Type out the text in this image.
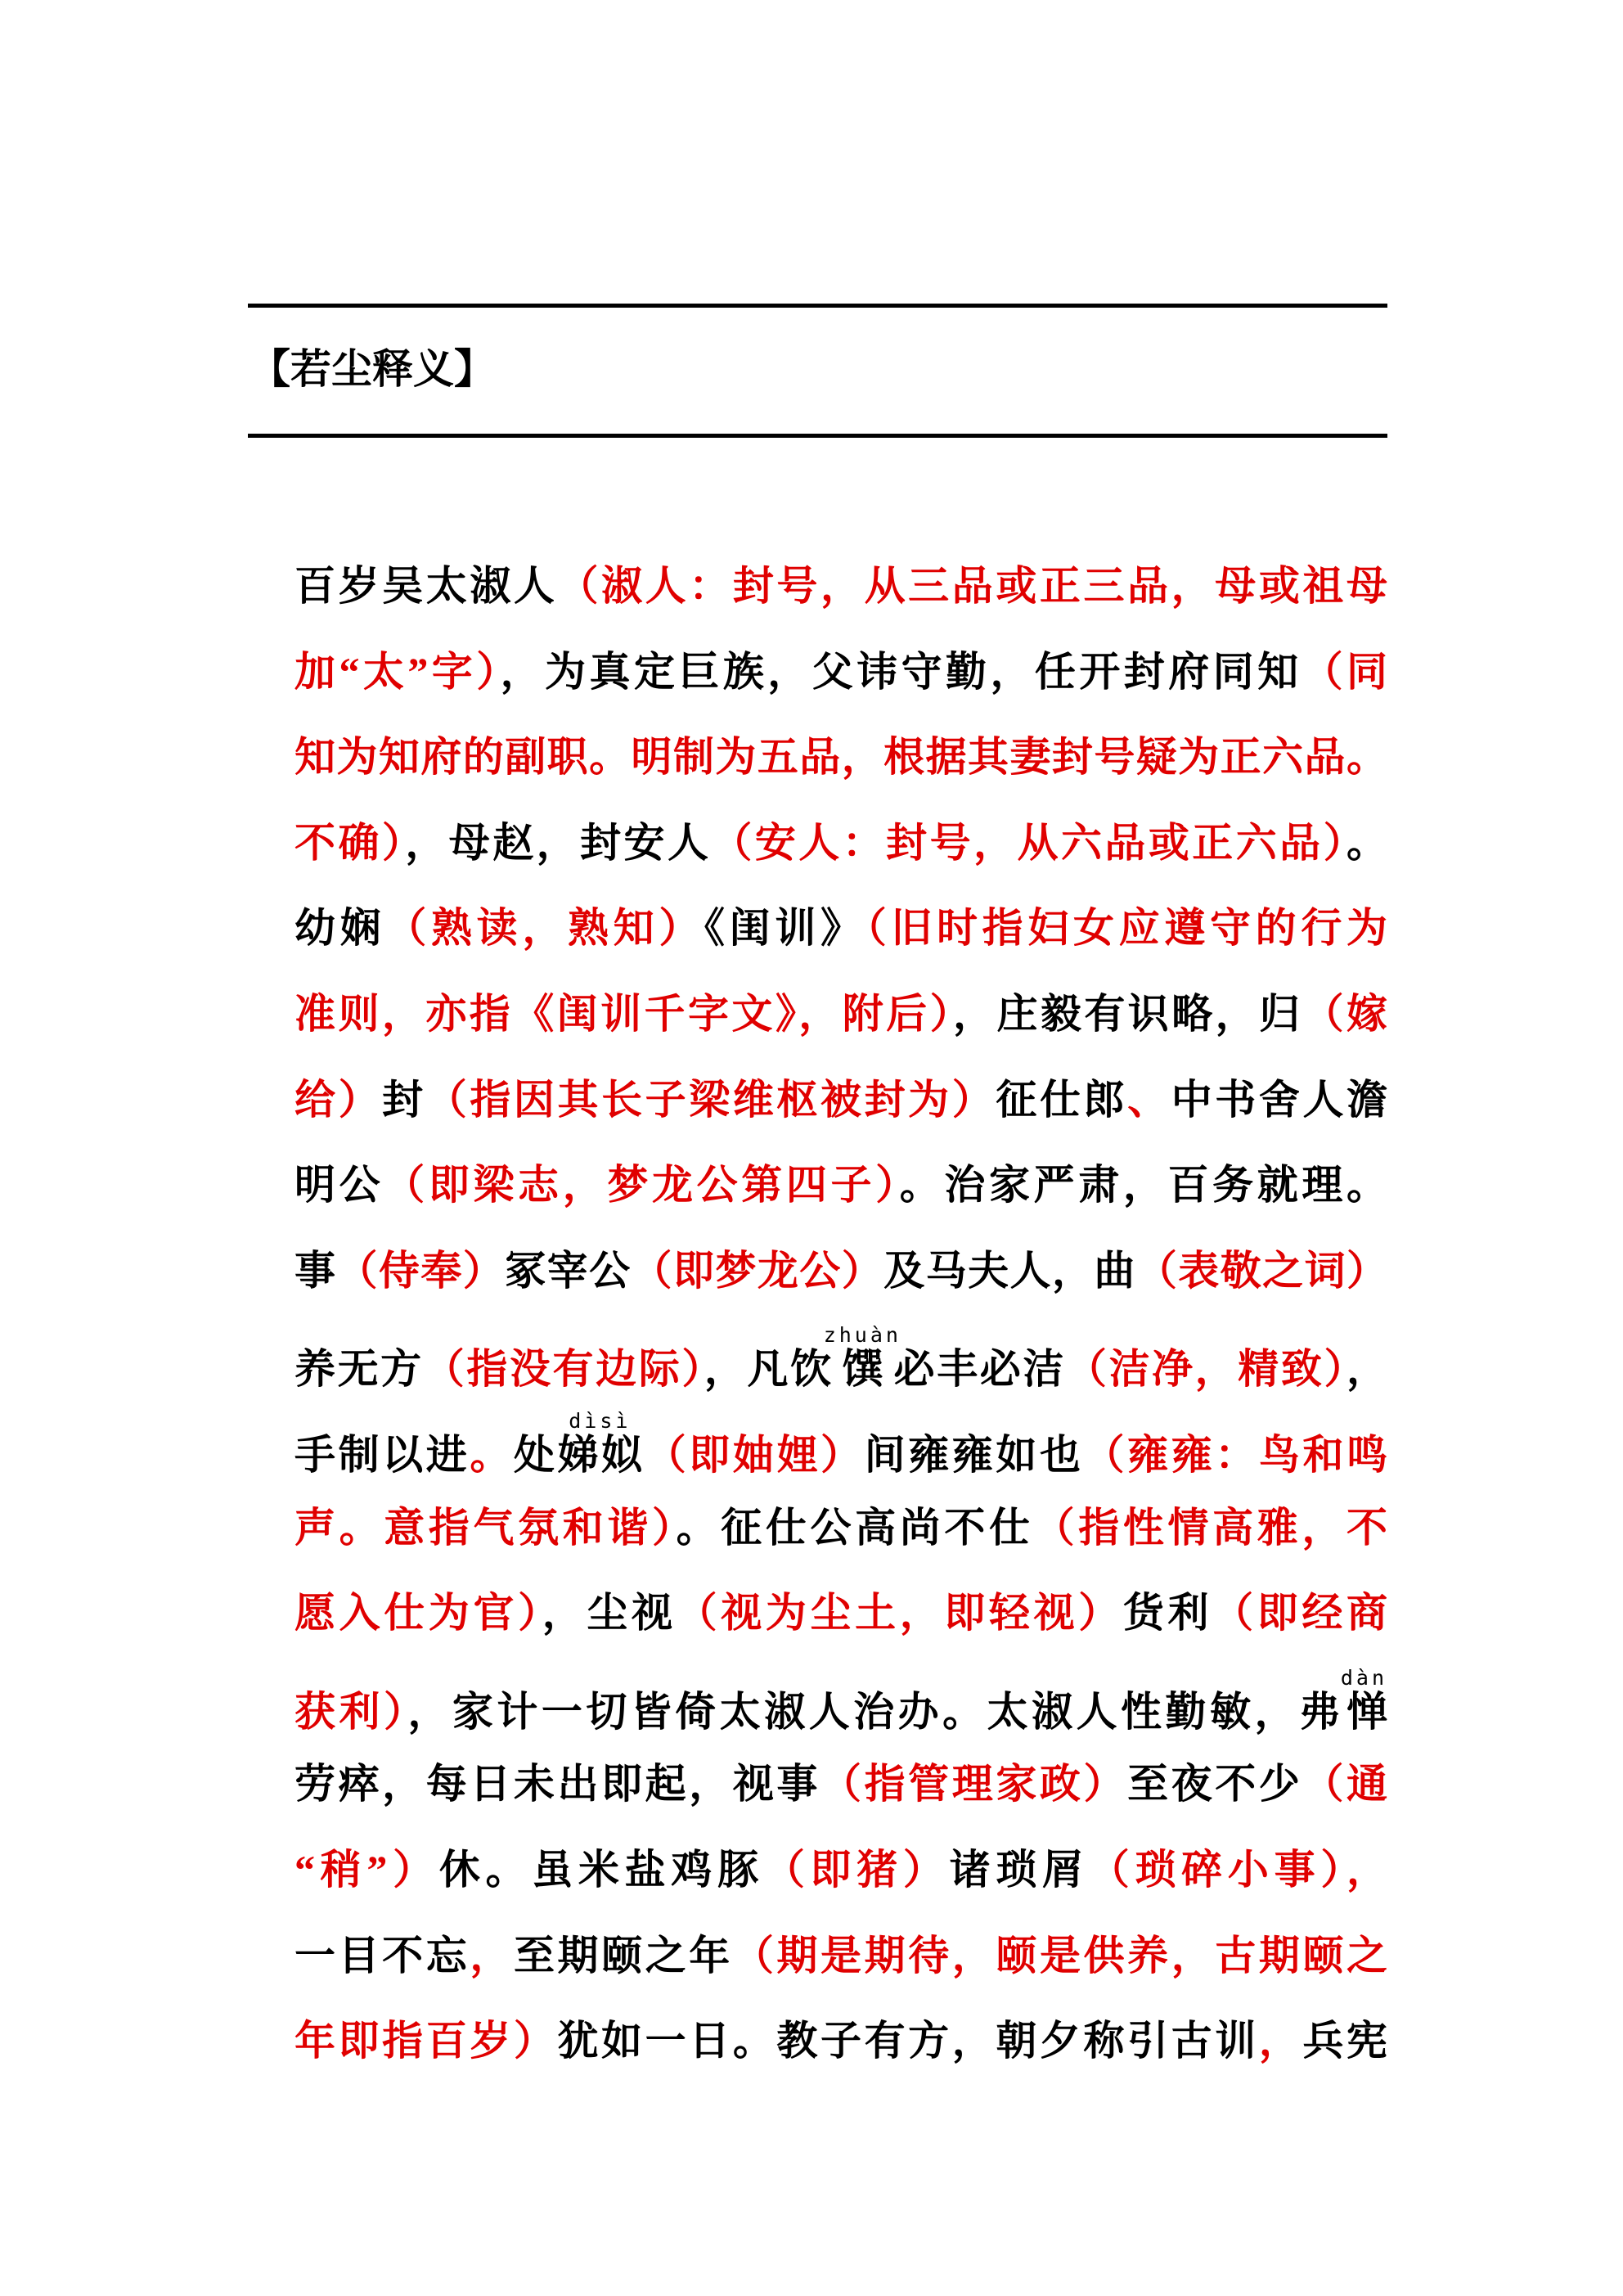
【若尘释义】
百岁吴太淑人（淑人：封号，从三品或正三品，母或祖母
加“太”字），为真定巨族，父讳守勤，任开封府同知（同
知为知府的副职。明制为五品，根据其妻封号疑为正六品。
不确），母赵，封安人（安人：封号，从六品或正六品）。
幼娴（熟读，熟知）《闺训》（旧时指妇女应遵守的行为
准则，亦指《闺训千字文》，附后），庄毅有识略，归（嫁
给）封（指因其长子梁维枢被封为）征仕郎、中书舍人澹
明公（即梁志，梦龙公第四子）。治家严肃，百务就理。
事（侍奉）冢宰公（即梦龙公）及马夫人，曲（表敬之词）
养无方（指没有边际），凡饮馔zhuàn必丰必洁（洁净，精致），
手制以进。处娣姒dìsì（即妯娌）间雍雍如也（雍雍：鸟和鸣
声。意指气氛和谐）。征仕公高尚不仕（指性情高雅，不
愿入仕为官），尘视（视为尘土，即轻视）货利（即经商
获利），家计一切皆倚太淑人治办。太淑人性勤敏，弗惮dàn
劳瘁，每日未出即起，视事（指管理家政）至夜不少（通
“稍”）休。虽米盐鸡豚（即猪）诸琐屑（琐碎小事），
一目不忘，至期颐之年（期是期待，颐是供养，古期颐之
年即指百岁）犹如一日。教子有方，朝夕称引古训，兵宪
